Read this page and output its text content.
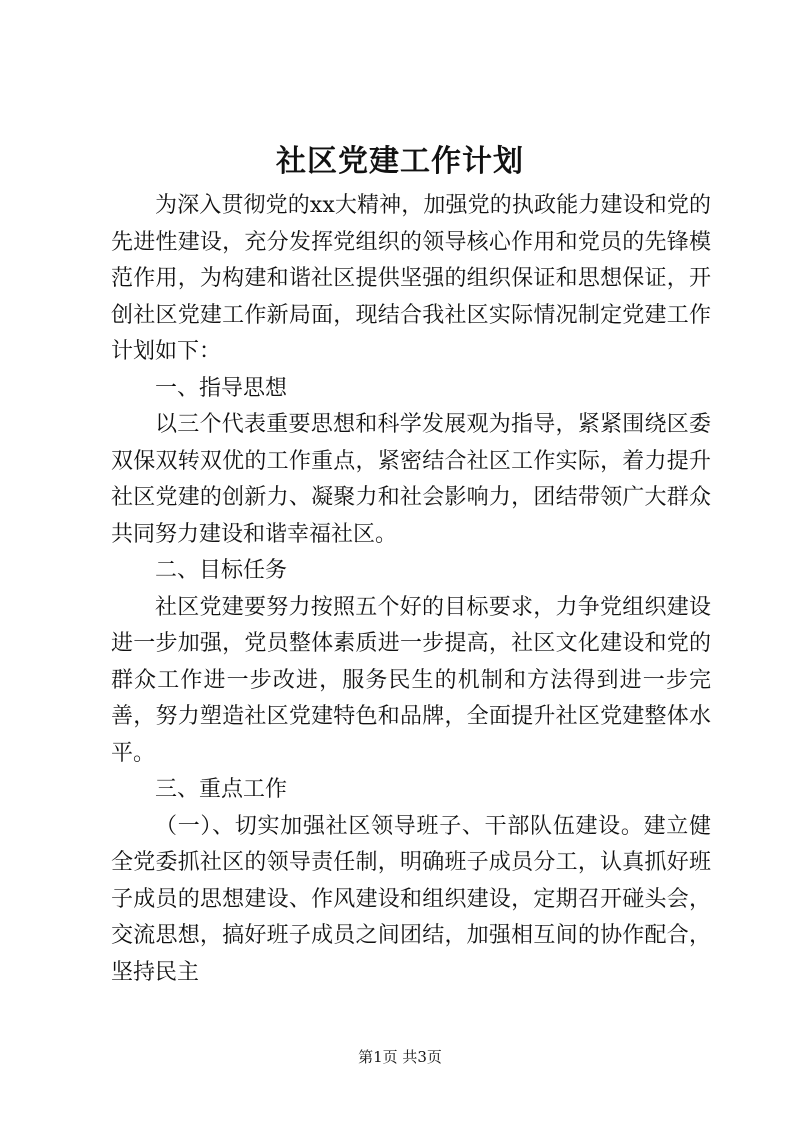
社区党建工作计划

为深入贯彻党的xx大精神，加强党的执政能力建设和党的先进性建设，充分发挥党组织的领导核心作用和党员的先锋模范作用，为构建和谐社区提供坚强的组织保证和思想保证，开创社区党建工作新局面，现结合我社区实际情况制定党建工作计划如下：

一、指导思想

以三个代表重要思想和科学发展观为指导，紧紧围绕区委双保双转双优的工作重点，紧密结合社区工作实际，着力提升社区党建的创新力、凝聚力和社会影响力，团结带领广大群众共同努力建设和谐幸福社区。

二、目标任务

社区党建要努力按照五个好的目标要求，力争党组织建设进一步加强，党员整体素质进一步提高，社区文化建设和党的群众工作进一步改进，服务民生的机制和方法得到进一步完善，努力塑造社区党建特色和品牌，全面提升社区党建整体水平。

三、重点工作

（一）、切实加强社区领导班子、干部队伍建设。建立健全党委抓社区的领导责任制，明确班子成员分工，认真抓好班子成员的思想建设、作风建设和组织建设，定期召开碰头会，交流思想，搞好班子成员之间团结，加强相互间的协作配合，坚持民主

第1页 共3页
